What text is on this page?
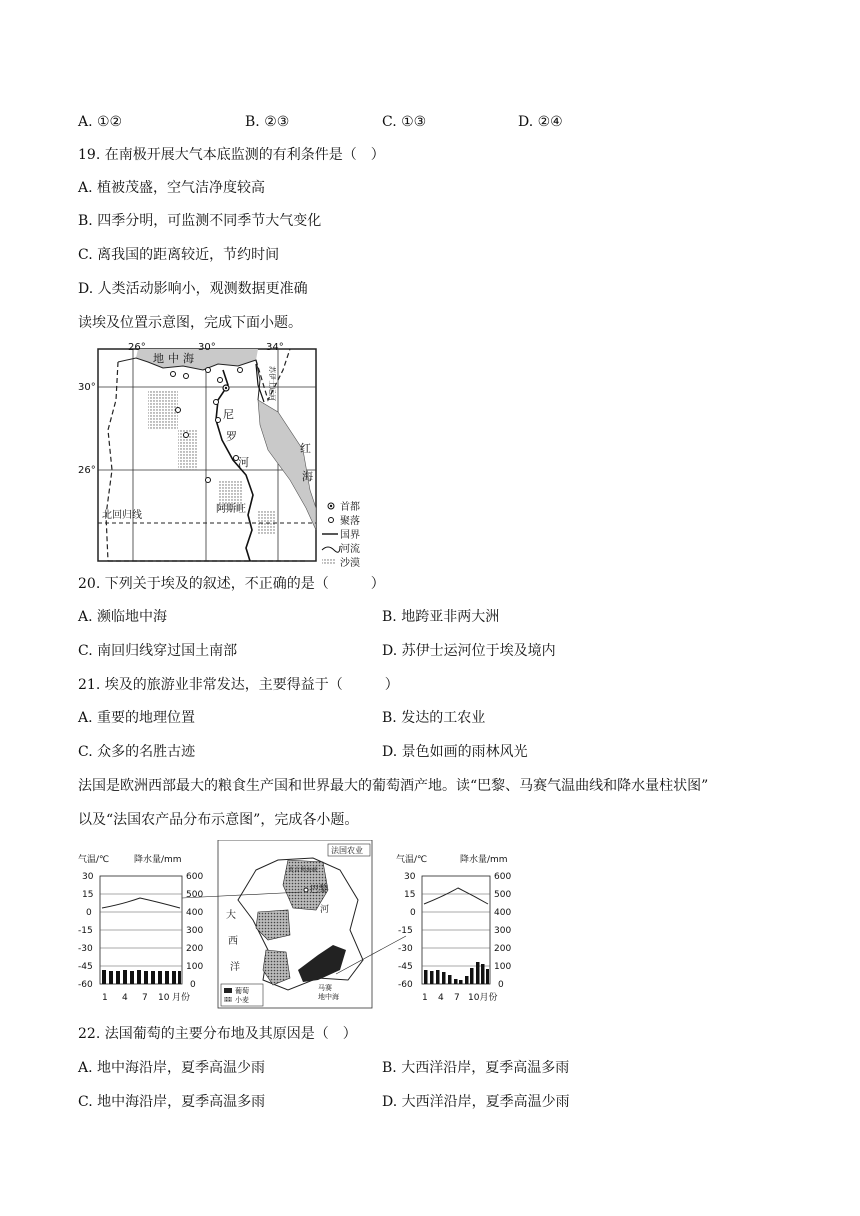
A. ①②	B. ②③	C. ①③	D. ②④
19. 在南极开展大气本底监测的有利条件是（　）
A. 植被茂盛，空气洁净度较高
B. 四季分明，可监测不同季节大气变化
C. 离我国的距离较近，节约时间
D. 人类活动影响小，观测数据更准确
读埃及位置示意图，完成下面小题。
26°	30°	34°
30°
26°
地 中 海
苏伊士运河
尼
罗
河
红
海
阿斯旺
北回归线
首都
聚落
国界
河流
沙漠
20. 下列关于埃及的叙述，不正确的是（　　　）
A. 濒临地中海	B. 地跨亚非两大洲
C. 南回归线穿过国土南部	D. 苏伊士运河位于埃及境内
21. 埃及的旅游业非常发达，主要得益于（　　　）
A. 重要的地理位置	B. 发达的工农业
C. 众多的名胜古迹	D. 景色如画的雨林风光
法国是欧洲西部最大的粮食生产国和世界最大的葡萄酒产地。读“巴黎、马赛气温曲线和降水量柱状图”
以及“法国农产品分布示意图”，完成各小题。
气温/℃	降水量/mm
30
15
0
-15
-30
-45
-60
600
500
400
300
200
100
0
1 4 7 10 月份
法国农业
英吉利海峡
大
西
洋
巴黎
河
马赛
地中海
葡萄
小麦
气温/℃	降水量/mm
30
15
0
-15
-30
-45
-60
600
500
400
300
200
100
0
1 4 7 10月份
22. 法国葡萄的主要分布地及其原因是（　）
A. 地中海沿岸，夏季高温少雨	B. 大西洋沿岸，夏季高温多雨
C. 地中海沿岸，夏季高温多雨	D. 大西洋沿岸，夏季高温少雨
